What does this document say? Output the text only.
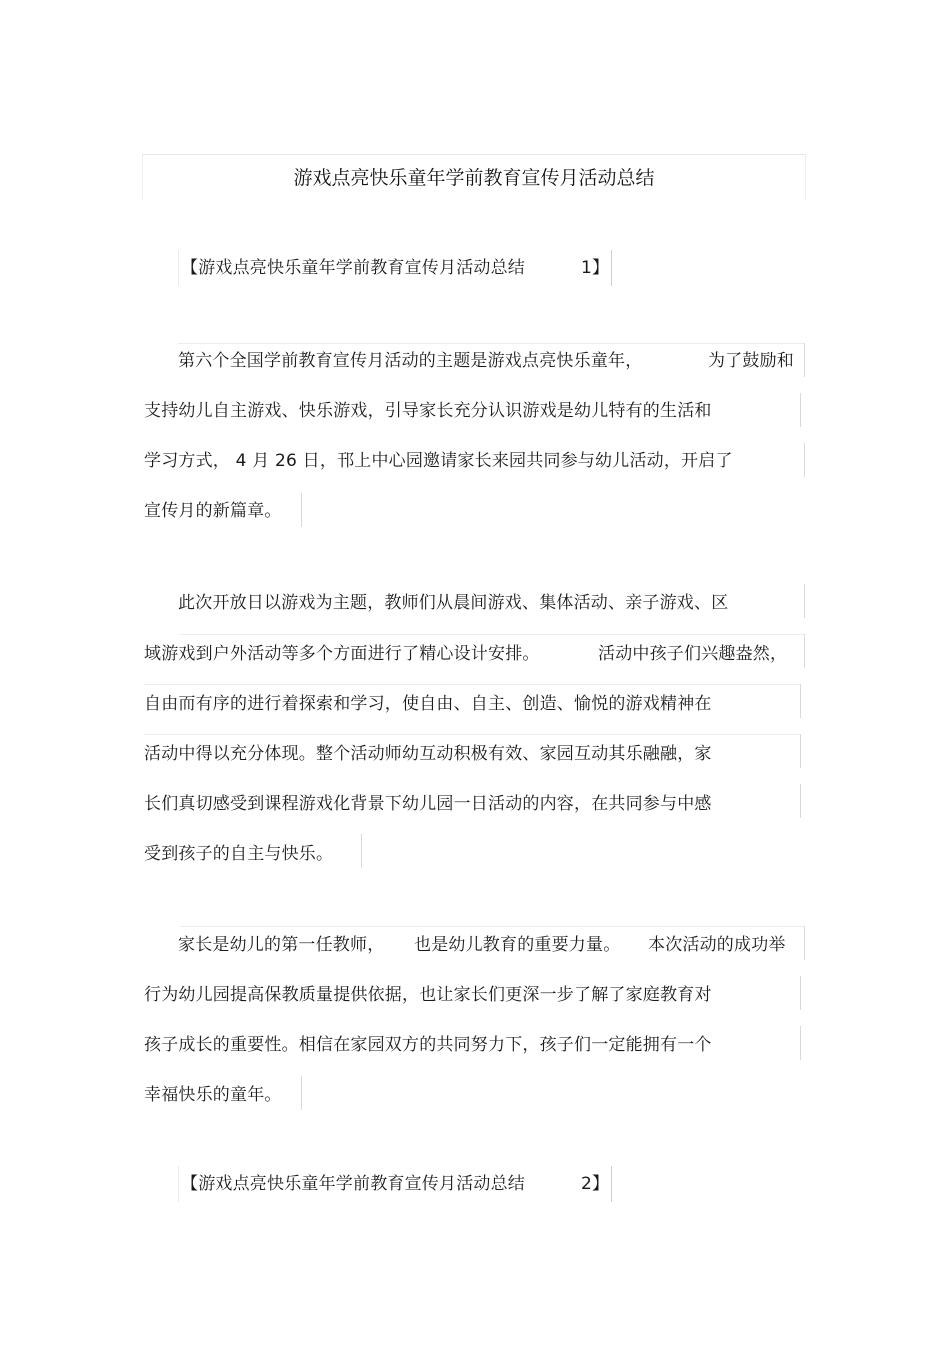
游戏点亮快乐童年学前教育宣传月活动总结
【游戏点亮快乐童年学前教育宣传月活动总结	1】

第六个全国学前教育宣传月活动的主题是游戏点亮快乐童年，	为了鼓励和

支持幼儿自主游戏、快乐游戏，引导家长充分认识游戏是幼儿特有的生活和

学习方式， 4 月 26 日，邗上中心园邀请家长来园共同参与幼儿活动，开启了

宣传月的新篇章。

此次开放日以游戏为主题，教师们从晨间游戏、集体活动、亲子游戏、区

域游戏到户外活动等多个方面进行了精心设计安排。	活动中孩子们兴趣盎然，

自由而有序的进行着探索和学习，使自由、自主、创造、愉悦的游戏精神在

活动中得以充分体现。整个活动师幼互动积极有效、家园互动其乐融融，家

长们真切感受到课程游戏化背景下幼儿园一日活动的内容，在共同参与中感

受到孩子的自主与快乐。

家长是幼儿的第一任教师， 也是幼儿教育的重要力量。 本次活动的成功举

行为幼儿园提高保教质量提供依据，也让家长们更深一步了解了家庭教育对

孩子成长的重要性。相信在家园双方的共同努力下，孩子们一定能拥有一个

幸福快乐的童年。

【游戏点亮快乐童年学前教育宣传月活动总结	2】
